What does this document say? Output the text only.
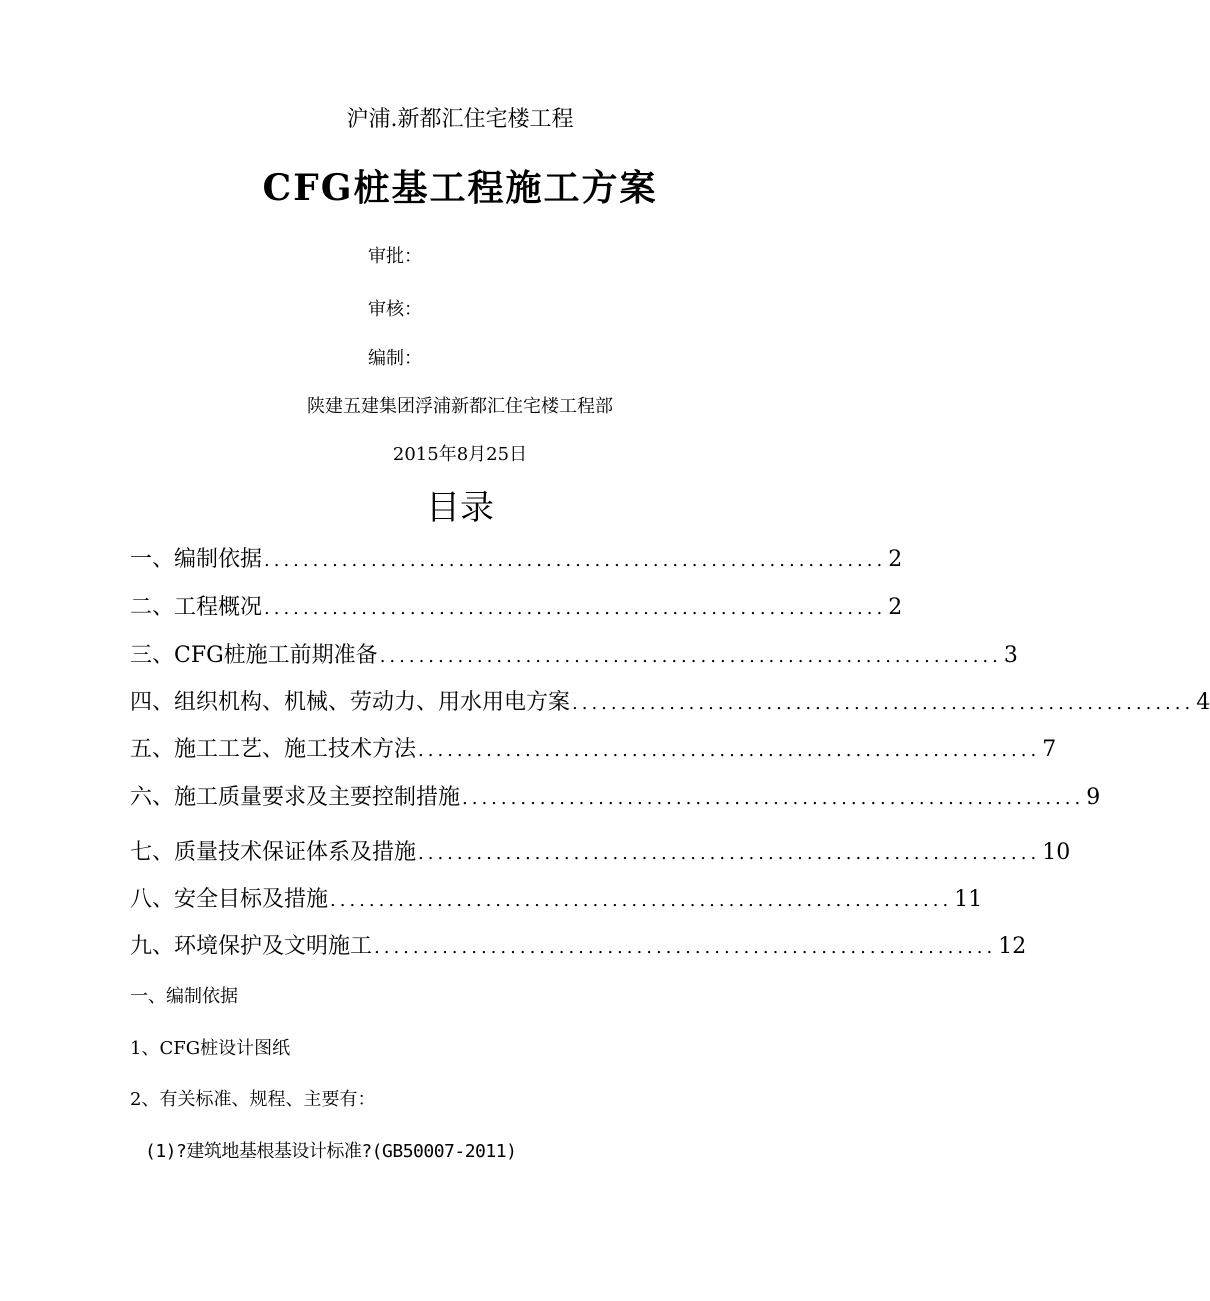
沪浦.新都汇住宅楼工程
CFG桩基工程施工方案
审批：
审核：
编制：
陕建五建集团浮浦新都汇住宅楼工程部
2015年8月25日
目录
一、编制依据 ................................................................ 2
二、工程概况 ................................................................ 2
三、CFG桩施工前期准备 ................................................................ 3
四、组织机构、机械、劳动力、用水用电方案 ................................................................ 4
五、施工工艺、施工技术方法 ................................................................ 7
六、施工质量要求及主要控制措施 ................................................................ 9
七、质量技术保证体系及措施 ................................................................ 10
八、安全目标及措施 ................................................................ 11
九、环境保护及文明施工 ................................................................ 12
一、编制依据
1、CFG桩设计图纸
2、有关标准、规程、主要有：
(1)?建筑地基根基设计标准?(GB50007-2011)
